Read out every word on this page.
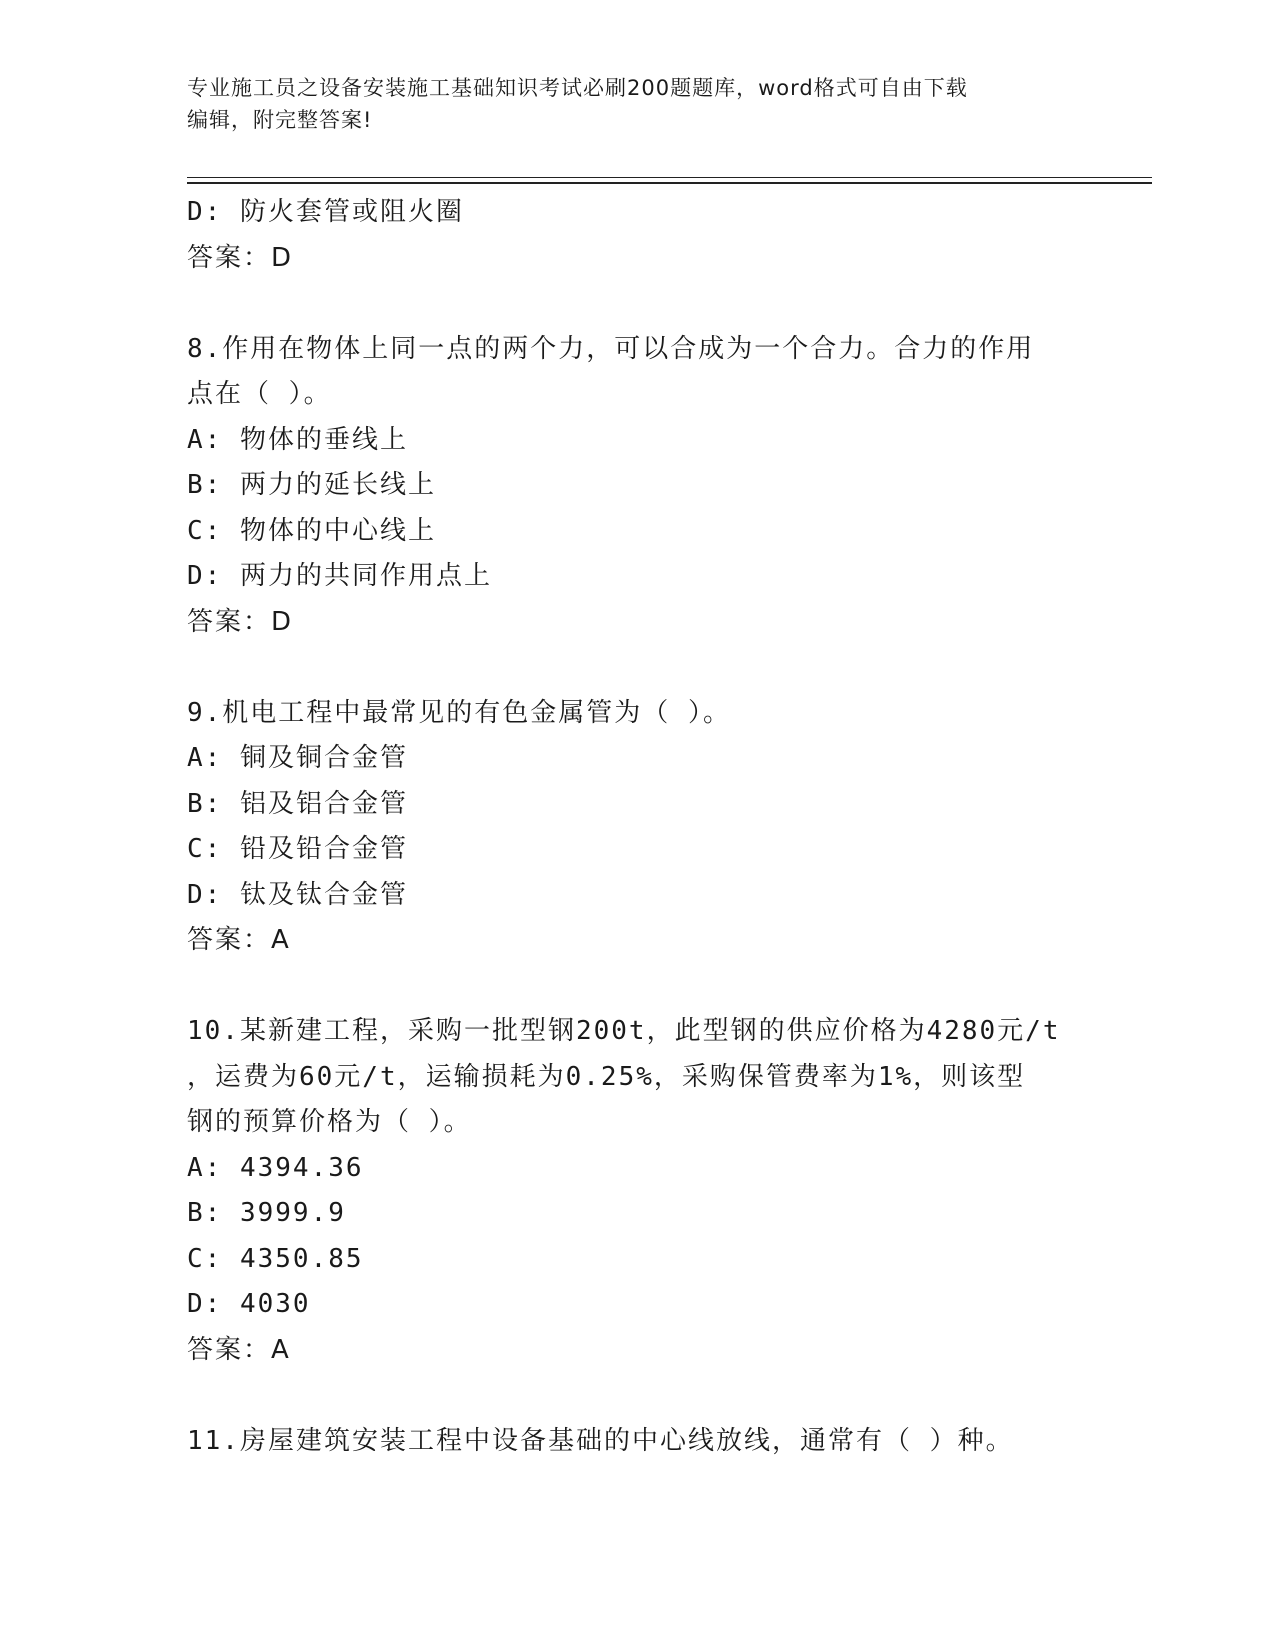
专业施工员之设备安装施工基础知识考试必刷200题题库，word格式可自由下载
编辑，附完整答案!
D: 防火套管或阻火圈
答案：D
8.作用在物体上同一点的两个力，可以合成为一个合力。合力的作用
点在（ ）。
A: 物体的垂线上
B: 两力的延长线上
C: 物体的中心线上
D: 两力的共同作用点上
答案：D
9.机电工程中最常见的有色金属管为（ ）。
A: 铜及铜合金管
B: 铝及铝合金管
C: 铅及铅合金管
D: 钛及钛合金管
答案：A
10.某新建工程，采购一批型钢200t，此型钢的供应价格为4280元/t
，运费为60元/t，运输损耗为0.25%，采购保管费率为1%，则该型
钢的预算价格为（ ）。
A: 4394.36
B: 3999.9
C: 4350.85
D: 4030
答案：A
11.房屋建筑安装工程中设备基础的中心线放线，通常有（ ）种。
